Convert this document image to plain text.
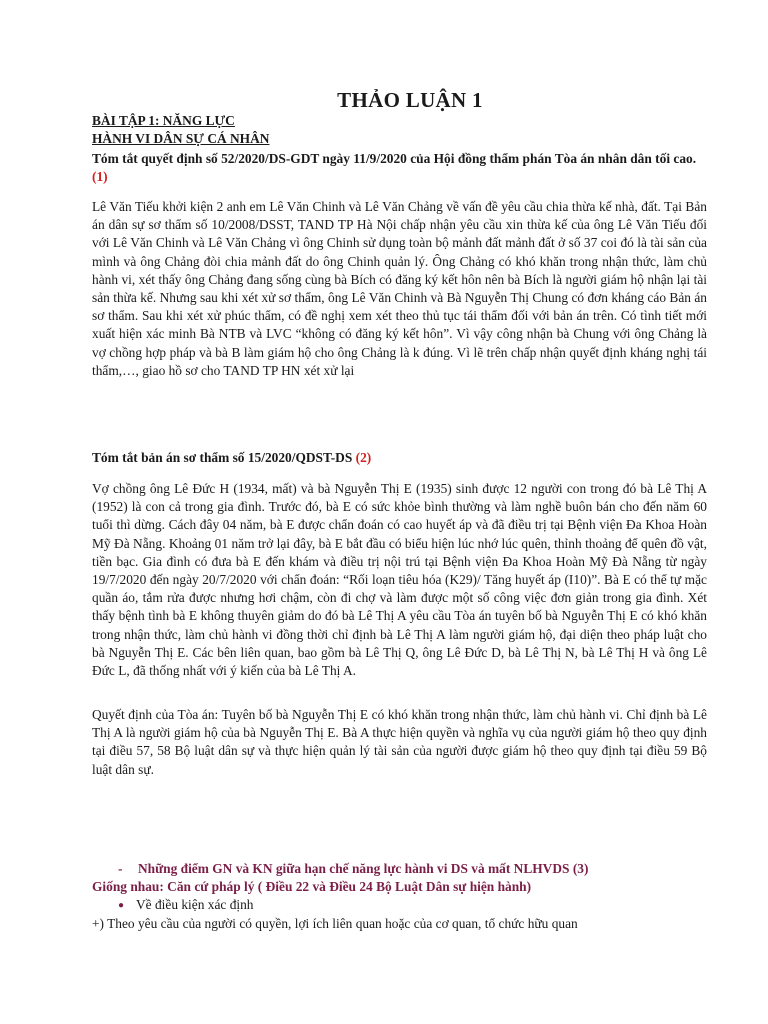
THẢO LUẬN 1
BÀI TẬP 1: NĂNG LỰC
HÀNH VI DÂN SỰ CÁ NHÂN
Tóm tắt quyết định số 52/2020/DS-GDT ngày 11/9/2020 của Hội đồng thẩm phán Tòa án nhân dân tối cao. (1)
Lê Văn Tiếu khởi kiện 2 anh em Lê Văn Chinh và Lê Văn Chảng về vấn đề yêu cầu chia thừa kế nhà, đất. Tại Bản án dân sự sơ thẩm số 10/2008/DSST, TAND TP Hà Nội chấp nhận yêu cầu xin thừa kế của ông Lê Văn Tiếu đối với Lê Văn Chinh và Lê Văn Chảng vì ông Chinh sử dụng toàn bộ mảnh đất mảnh đất ở số 37 coi đó là tài sản của mình và ông Chảng đòi chia mảnh đất do ông Chinh quản lý. Ông Chảng có khó khăn trong nhận thức, làm chủ hành vi, xét thấy ông Chảng đang sống cùng bà Bích có đăng ký kết hôn nên bà Bích là người giám hộ nhận lại tài sản thừa kế. Nhưng sau khi xét xử sơ thẩm, ông Lê Văn Chinh và Bà Nguyễn Thị Chung có đơn kháng cáo Bản án sơ thẩm. Sau khi xét xử phúc thẩm, có đề nghị xem xét theo thủ tục tái thẩm đối với bản án trên. Có tình tiết mới xuất hiện xác minh Bà NTB và LVC “không có đăng ký kết hôn”. Vì vậy công nhận bà Chung với ông Chảng là vợ chồng hợp pháp và bà B làm giám hộ cho ông Chảng là k đúng. Vì lẽ trên chấp nhận quyết định kháng nghị tái thẩm,…, giao hồ sơ cho TAND TP HN xét xử lại
Tóm tắt bản án sơ thẩm số 15/2020/QDST-DS (2)
Vợ chồng ông Lê Đức H (1934, mất) và bà Nguyễn Thị E (1935) sinh được 12 người con trong đó bà Lê Thị A (1952) là con cả trong gia đình. Trước đó, bà E có sức khỏe bình thường và làm nghề buôn bán cho đến năm 60 tuổi thì dừng. Cách đây 04 năm, bà E được chẩn đoán có cao huyết áp và đã điều trị tại Bệnh viện Đa Khoa Hoàn Mỹ Đà Nẵng. Khoảng 01 năm trở lại đây, bà E bắt đầu có biểu hiện lúc nhớ lúc quên, thỉnh thoảng để quên đồ vật, tiền bạc. Gia đình có đưa bà E đến khám và điều trị nội trú tại Bệnh viện Đa Khoa Hoàn Mỹ Đà Nẵng từ ngày 19/7/2020 đến ngày 20/7/2020 với chẩn đoán: “Rối loạn tiêu hóa (K29)/ Tăng huyết áp (I10)”. Bà E có thể tự mặc quần áo, tắm rửa được nhưng hơi chậm, còn đi chợ và làm được một số công việc đơn giản trong gia đình. Xét thấy bệnh tình bà E không thuyên giảm do đó bà Lê Thị A yêu cầu Tòa án tuyên bố bà Nguyễn Thị E có khó khăn trong nhận thức, làm chủ hành vi đồng thời chỉ định bà Lê Thị A làm người giám hộ, đại diện theo pháp luật cho bà Nguyễn Thị E. Các bên liên quan, bao gồm bà Lê Thị Q, ông Lê Đức D, bà Lê Thị N, bà Lê Thị H và ông Lê Đức L, đã thống nhất với ý kiến của bà Lê Thị A.
Quyết định của Tòa án: Tuyên bố bà Nguyễn Thị E có khó khăn trong nhận thức, làm chủ hành vi. Chỉ định bà Lê Thị A là người giám hộ của bà Nguyễn Thị E. Bà A thực hiện quyền và nghĩa vụ của người giám hộ theo quy định tại điều 57, 58 Bộ luật dân sự và thực hiện quản lý tài sản của người được giám hộ theo quy định tại điều 59 Bộ luật dân sự.
- Những điểm GN và KN giữa hạn chế năng lực hành vi DS và mất NLHVDS (3)
Giống nhau: Căn cứ pháp lý ( Điều 22 và Điều 24 Bộ Luật Dân sự hiện hành)
● Về điều kiện xác định
+) Theo yêu cầu của người có quyền, lợi ích liên quan hoặc của cơ quan, tổ chức hữu quan
